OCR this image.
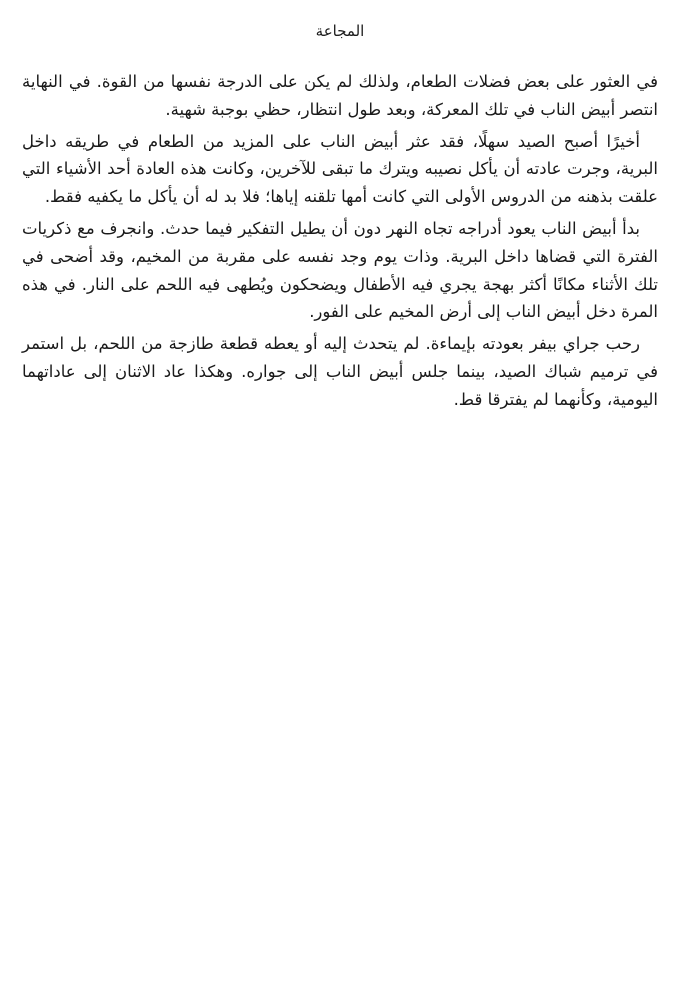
المجاعة

في العثور على بعض فضلات الطعام، ولذلك لم يكن على الدرجة نفسها من القوة. في النهاية انتصر أبيض الناب في تلك المعركة، وبعد طول انتظار، حظي بوجبة شهية.

أخيرًا أصبح الصيد سهلًا، فقد عثر أبيض الناب على المزيد من الطعام في طريقه داخل البرية، وجرت عادته أن يأكل نصيبه ويترك ما تبقى للآخرين، وكانت هذه العادة أحد الأشياء التي علقت بذهنه من الدروس الأولى التي كانت أمها تلقنه إياها؛ فلا بد له أن يأكل ما يكفيه فقط.

بدأ أبيض الناب يعود أدراجه تجاه النهر دون أن يطيل التفكير فيما حدث. وانجرف مع ذكريات الفترة التي قضاها داخل البرية. وذات يوم وجد نفسه على مقربة من المخيم، وقد أضحى في تلك الأثناء مكانًا أكثر بهجة يجري فيه الأطفال ويضحكون ويُطهى فيه اللحم على النار. في هذه المرة دخل أبيض الناب إلى أرض المخيم على الفور.

رحب جراي بيفر بعودته بإيماءة. لم يتحدث إليه أو يعطه قطعة طازجة من اللحم، بل استمر في ترميم شباك الصيد، بينما جلس أبيض الناب إلى جواره. وهكذا عاد الاثنان إلى عاداتهما اليومية، وكأنهما لم يفترقا قط.
